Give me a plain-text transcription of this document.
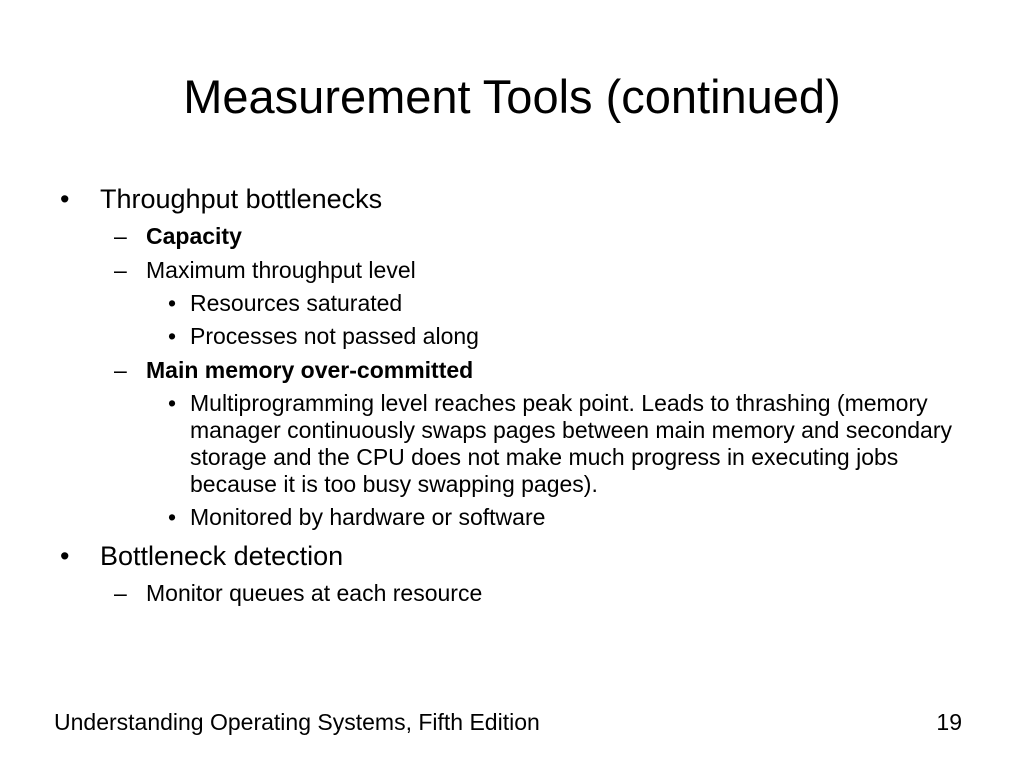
Measurement Tools (continued)
• Throughput bottlenecks
– Capacity
– Maximum throughput level
• Resources saturated
• Processes not passed along
– Main memory over-committed
• Multiprogramming level reaches peak point. Leads to thrashing (memory manager continuously swaps pages between main memory and secondary storage and the CPU does not make much progress in executing jobs because it is too busy swapping pages).
• Monitored by hardware or software
• Bottleneck detection
– Monitor queues at each resource
Understanding Operating Systems, Fifth Edition	19
